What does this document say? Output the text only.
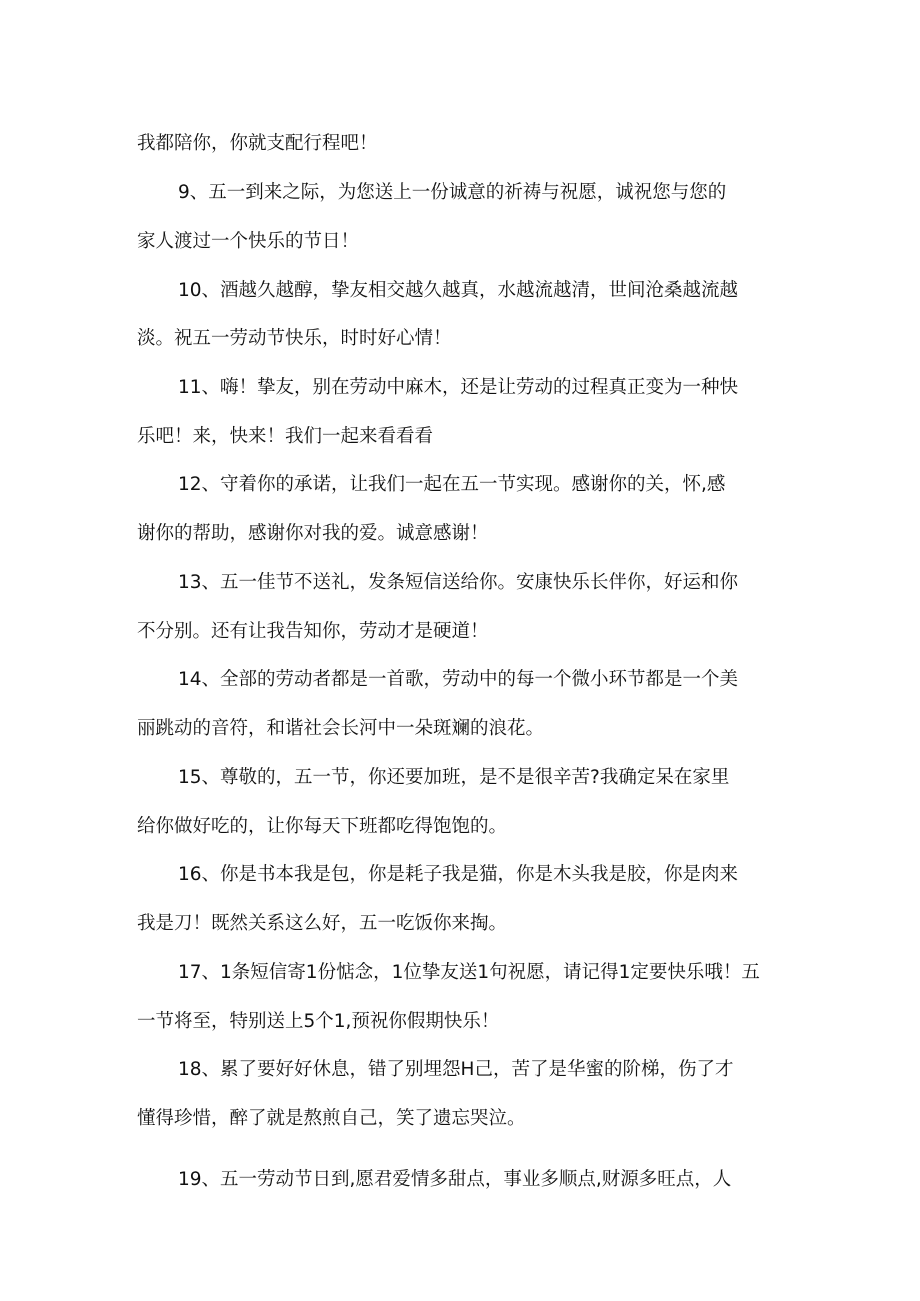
我都陪你，你就支配行程吧！
9、五一到来之际，为您送上一份诚意的祈祷与祝愿，诚祝您与您的
家人渡过一个快乐的节日！
10、酒越久越醇，挚友相交越久越真，水越流越清，世间沧桑越流越
淡。祝五一劳动节快乐，时时好心情！
11、嗨！挚友，别在劳动中麻木，还是让劳动的过程真正变为一种快
乐吧！来，快来！我们一起来看看看
12、守着你的承诺，让我们一起在五一节实现。感谢你的关，怀,感
谢你的帮助，感谢你对我的爱。诚意感谢！
13、五一佳节不送礼，发条短信送给你。安康快乐长伴你，好运和你
不分别。还有让我告知你，劳动才是硬道！
14、全部的劳动者都是一首歌，劳动中的每一个微小环节都是一个美
丽跳动的音符，和谐社会长河中一朵斑斓的浪花。
15、尊敬的，五一节，你还要加班，是不是很辛苦?我确定呆在家里
给你做好吃的，让你每天下班都吃得饱饱的。
16、你是书本我是包，你是耗子我是猫，你是木头我是胶，你是肉来
我是刀！既然关系这么好，五一吃饭你来掏。
17、1条短信寄1份惦念，1位挚友送1句祝愿，请记得1定要快乐哦！五
一节将至，特别送上5个1,预祝你假期快乐！
18、累了要好好休息，错了别埋怨H己，苦了是华蜜的阶梯，伤了才
懂得珍惜，醉了就是熬煎自己，笑了遗忘哭泣。
19、五一劳动节日到,愿君爱情多甜点，事业多顺点,财源多旺点，人
